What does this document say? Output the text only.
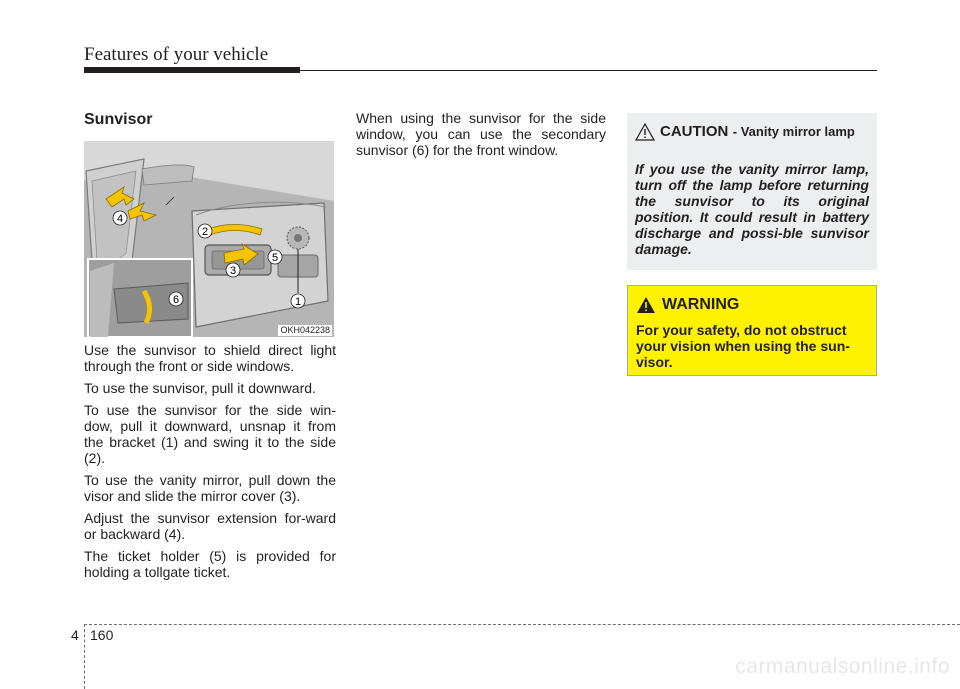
Features of your vehicle
Sunvisor
1
2
3
4
5
6
OKH042238

Use the sunvisor to shield direct light through the front or side windows.

To use the sunvisor, pull it downward.

To use the sunvisor for the side win-dow, pull it downward, unsnap it from the bracket (1) and swing it to the side (2).

To use the vanity mirror, pull down the visor and slide the mirror cover (3).

Adjust the sunvisor extension for-ward or backward (4).

The ticket holder (5) is provided for holding a tollgate ticket.

When using the sunvisor for the side window, you can use the secondary sunvisor (6) for the front window.

CAUTION - Vanity mirror lamp
If you use the vanity mirror lamp, turn off the lamp before returning the sunvisor to its original position. It could result in battery discharge and possi-ble sunvisor damage.
WARNING
For your safety, do not obstruct your vision when using the sun-visor.
4 160
carmanualsonline.info
